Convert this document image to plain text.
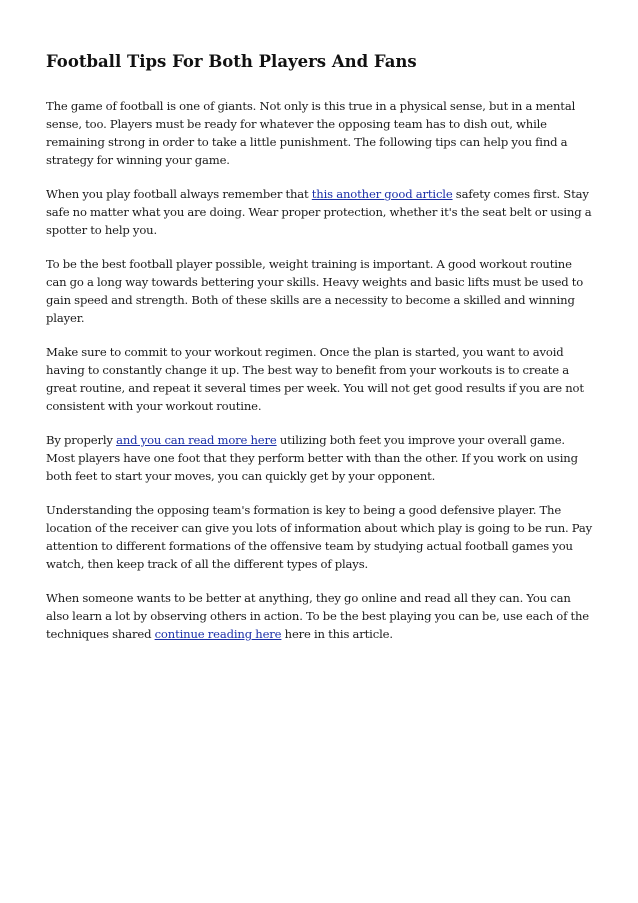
Football Tips For Both Players And Fans

The game of football is one of giants. Not only is this true in a physical sense, but in a mental sense, too. Players must be ready for whatever the opposing team has to dish out, while remaining strong in order to take a little punishment. The following tips can help you find a strategy for winning your game.

When you play football always remember that this another good article safety comes first. Stay safe no matter what you are doing. Wear proper protection, whether it's the seat belt or using a spotter to help you.

To be the best football player possible, weight training is important. A good workout routine can go a long way towards bettering your skills. Heavy weights and basic lifts must be used to gain speed and strength. Both of these skills are a necessity to become a skilled and winning player.

Make sure to commit to your workout regimen. Once the plan is started, you want to avoid having to constantly change it up. The best way to benefit from your workouts is to create a great routine, and repeat it several times per week. You will not get good results if you are not consistent with your workout routine.

By properly and you can read more here utilizing both feet you improve your overall game. Most players have one foot that they perform better with than the other. If you work on using both feet to start your moves, you can quickly get by your opponent.

Understanding the opposing team's formation is key to being a good defensive player. The location of the receiver can give you lots of information about which play is going to be run. Pay attention to different formations of the offensive team by studying actual football games you watch, then keep track of all the different types of plays.

When someone wants to be better at anything, they go online and read all they can. You can also learn a lot by observing others in action. To be the best playing you can be, use each of the techniques shared continue reading here here in this article.
